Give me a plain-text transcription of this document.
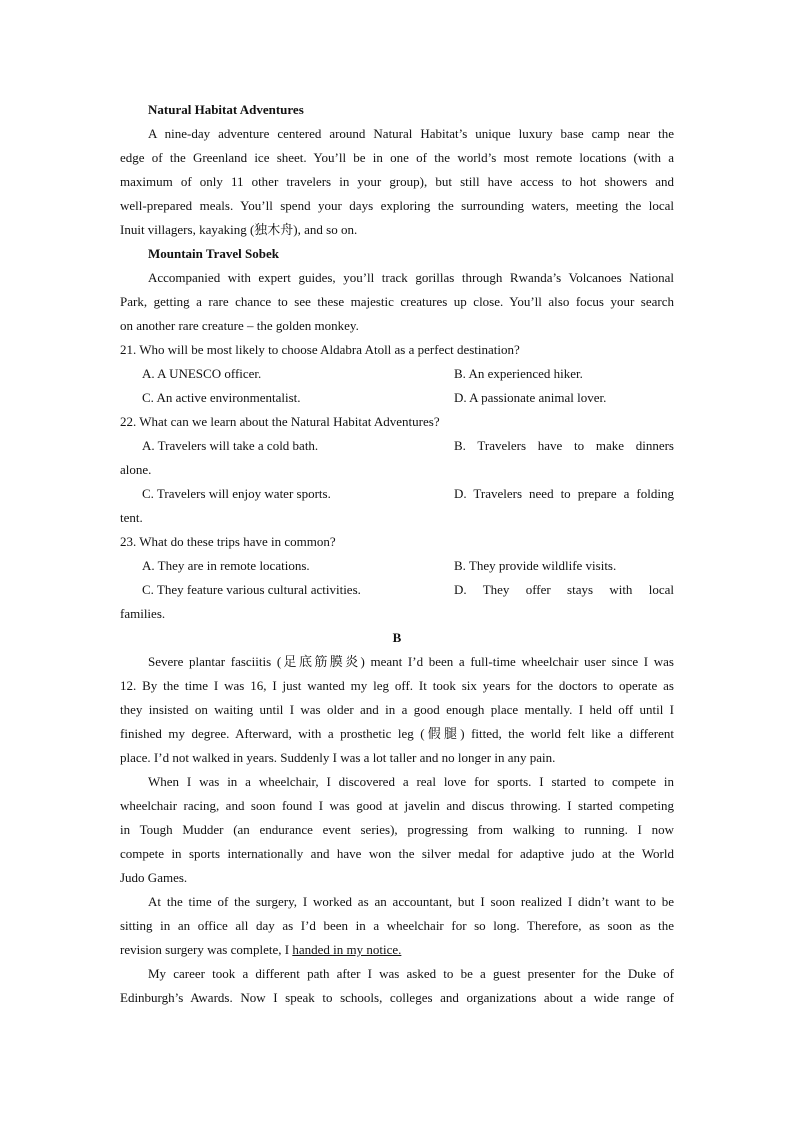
Natural Habitat Adventures
A nine-day adventure centered around Natural Habitat’s unique luxury base camp near the
edge of the Greenland ice sheet. You’ll be in one of the world’s most remote locations (with a
maximum of only 11 other travelers in your group), but still have access to hot showers and
well-prepared meals. You’ll spend your days exploring the surrounding waters, meeting the local
Inuit villagers, kayaking (独木舟), and so on.
Mountain Travel Sobek
Accompanied with expert guides, you’ll track gorillas through Rwanda’s Volcanoes National
Park, getting a rare chance to see these majestic creatures up close. You’ll also focus your search
on another rare creature – the golden monkey.
21. Who will be most likely to choose Aldabra Atoll as a perfect destination?
A. A UNESCO officer.	B. An experienced hiker.
C. An active environmentalist.	D. A passionate animal lover.
22. What can we learn about the Natural Habitat Adventures?
A. Travelers will take a cold bath.	B. Travelers have to make dinners
alone.
C. Travelers will enjoy water sports.	D. Travelers need to prepare a folding
tent.
23. What do these trips have in common?
A. They are in remote locations.	B. They provide wildlife visits.
C. They feature various cultural activities.	D. They offer stays with local
families.
B
Severe plantar fasciitis (足底筋膜炎) meant I’d been a full-time wheelchair user since I was
12. By the time I was 16, I just wanted my leg off. It took six years for the doctors to operate as
they insisted on waiting until I was older and in a good enough place mentally. I held off until I
finished my degree. Afterward, with a prosthetic leg (假腿) fitted, the world felt like a different
place. I’d not walked in years. Suddenly I was a lot taller and no longer in any pain.
When I was in a wheelchair, I discovered a real love for sports. I started to compete in
wheelchair racing, and soon found I was good at javelin and discus throwing. I started competing
in Tough Mudder (an endurance event series), progressing from walking to running. I now
compete in sports internationally and have won the silver medal for adaptive judo at the World
Judo Games.
At the time of the surgery, I worked as an accountant, but I soon realized I didn’t want to be
sitting in an office all day as I’d been in a wheelchair for so long. Therefore, as soon as the
revision surgery was complete, I handed in my notice.
My career took a different path after I was asked to be a guest presenter for the Duke of
Edinburgh’s Awards. Now I speak to schools, colleges and organizations about a wide range of
